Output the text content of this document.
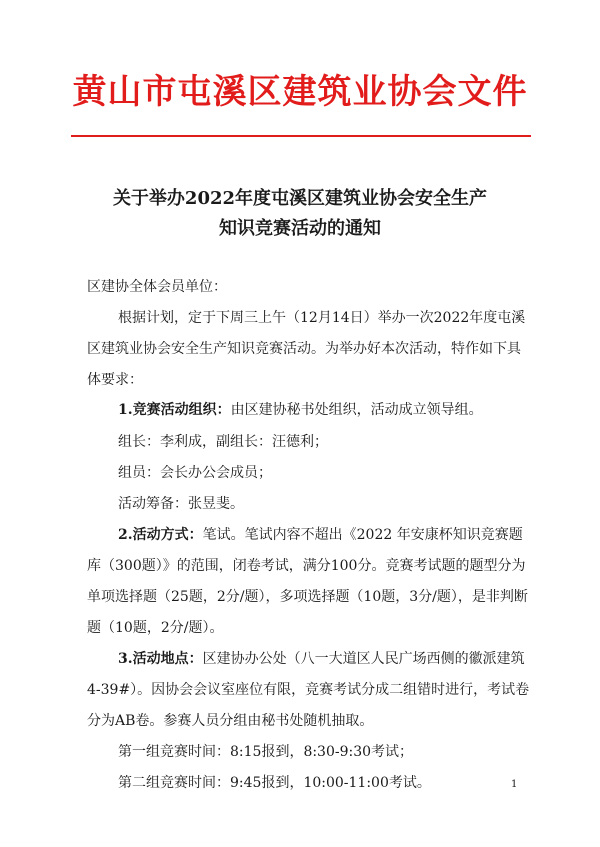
黄山市屯溪区建筑业协会文件
关于举办2022年度屯溪区建筑业协会安全生产
知识竞赛活动的通知
区建协全体会员单位：
根据计划，定于下周三上午（12月14日）举办一次2022年度屯溪
区建筑业协会安全生产知识竞赛活动。为举办好本次活动，特作如下具
体要求：
1.竞赛活动组织：由区建协秘书处组织，活动成立领导组。
组长：李利成，副组长：汪德利；
组员：会长办公会成员；
活动筹备：张昱斐。
2.活动方式：笔试。笔试内容不超出《2022 年安康杯知识竞赛题
库（300题）》的范围，闭卷考试，满分100分。竞赛考试题的题型分为
单项选择题（25题，2分/题），多项选择题（10题，3分/题），是非判断
题（10题，2分/题）。
3.活动地点：区建协办公处（八一大道区人民广场西侧的徽派建筑
4-39#）。因协会会议室座位有限，竞赛考试分成二组错时进行，考试卷
分为AB卷。参赛人员分组由秘书处随机抽取。
第一组竞赛时间：8:15报到，8:30-9:30考试；
第二组竞赛时间：9:45报到，10:00-11:00考试。	1
